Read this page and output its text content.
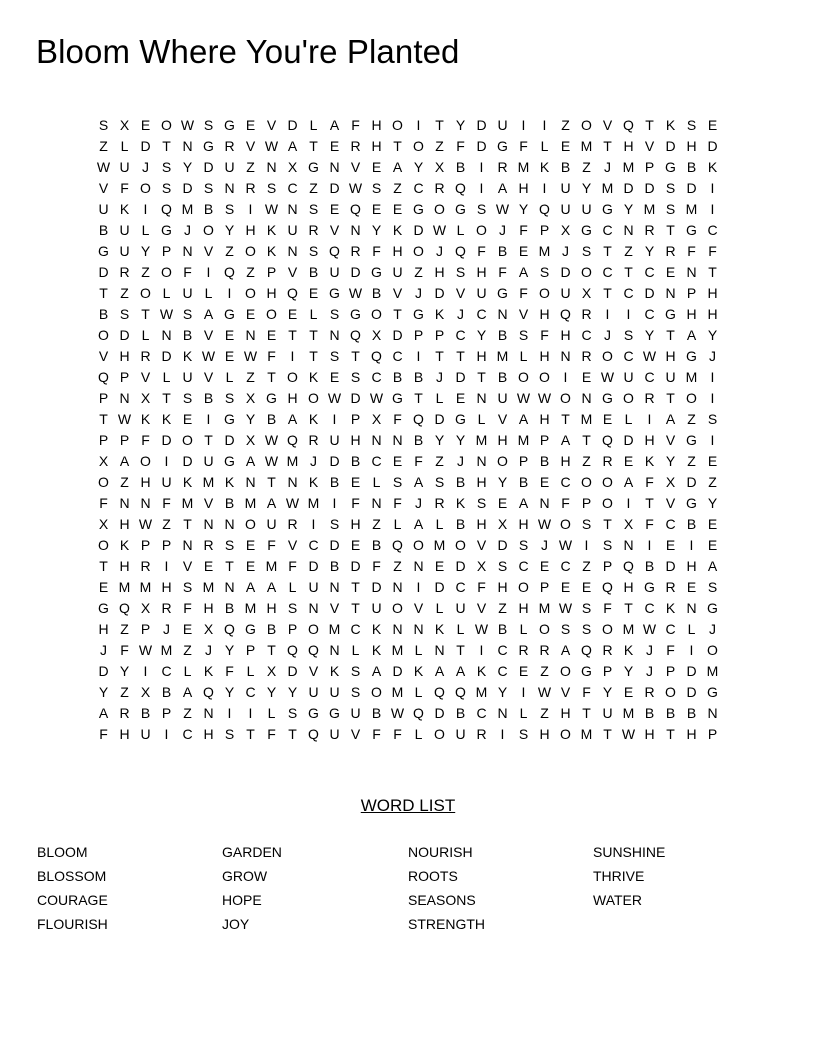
Bloom Where You're Planted
S X E O W S G E V D L A F H O I	T Y D U I	I	Z O V Q T K S E
Z L D T N G R V W A T E R H T O Z F D G F L E M T H V D H D
W U J S Y D U Z N X G N V E A Y X B	I	R M K B Z J M P G B K
V F O S D S N R S C Z D W S Z C R Q I	A H I	U Y M D D S D I
U K	I Q M B S	I W N S E Q E E G O G S W Y Q U U G Y M S M I
B U L G J O Y H K U R V N Y K D W L O J F P X G C N R T G C
G U Y P N V Z O K N S Q R F H O J Q F B E M J S T Z Y R F F
D R Z O F	I Q Z P V B U D G U Z H S H F A S D O C T C E N T
T Z O L U L	I O H Q E G W B V J D V U G F O U X T C D N P H
B S T W S A G E O E L S G O T G K J C N V H Q R I	I	C G H H
O D L N B V E N E T T N Q X D P P C Y B S F H C J S Y T A Y
V H R D K W E W F	I	T S T Q C I	T T H M L H N R O C W H G J
Q P V L U V L Z T O K E S C B B J D T B O O I	E W U C U M I
P N X T S B S X G H O W D W G T L E N U W W O N G O R T O I
T W K K E	I G Y B A K	I	P X F Q D G L V A H T M E L	I	A Z S
P P F D O T D X W Q R U H N N B Y Y M H M P A T Q D H V G I
X A O I	D U G A W M J D B C E F Z J N O P B H Z R E K Y Z E
O Z H U K M K N T N K B E L S A S B H Y B E C O O A F X D Z
F N N F M V B M A W M I	F N F J R K S E A N F P O I	T V G Y
X H W Z T N N O U R I	S H Z L A L B H X H W O S T X F C B E
O K P P N R S E F V C D E B Q O M O V D S J W I	S N I	E	I	E
T H R I	V E T E M F D B D F Z N E D X S C E C Z P Q B D H A
E M M H S M N A A L U N T D N I	D C F H O P E E Q H G R E S
G Q X R F H B M H S N V T U O V L U V Z H M W S F T C K N G
H Z P J E X Q G B P O M C K N N K L W B L O S S O M W C L J
J F W M Z J Y P T Q Q N L K M L N T	I	C R R A Q R K J F	I O
D Y	I	C L K F L X D V K S A D K A A K C E Z O G P Y J P D M
Y Z X B A Q Y C Y Y U U S O M L Q Q M Y	I W V F Y E R O D G
A R B P Z N I	I	L S G G U B W Q D B C N L Z H T U M B B B N
F H U I	C H S T F T Q U V F F L O U R I	S H O M T W H T H P
WORD LIST
BLOOM
BLOSSOM
COURAGE
FLOURISH
GARDEN
GROW
HOPE
JOY
NOURISH
ROOTS
SEASONS
STRENGTH
SUNSHINE
THRIVE
WATER
